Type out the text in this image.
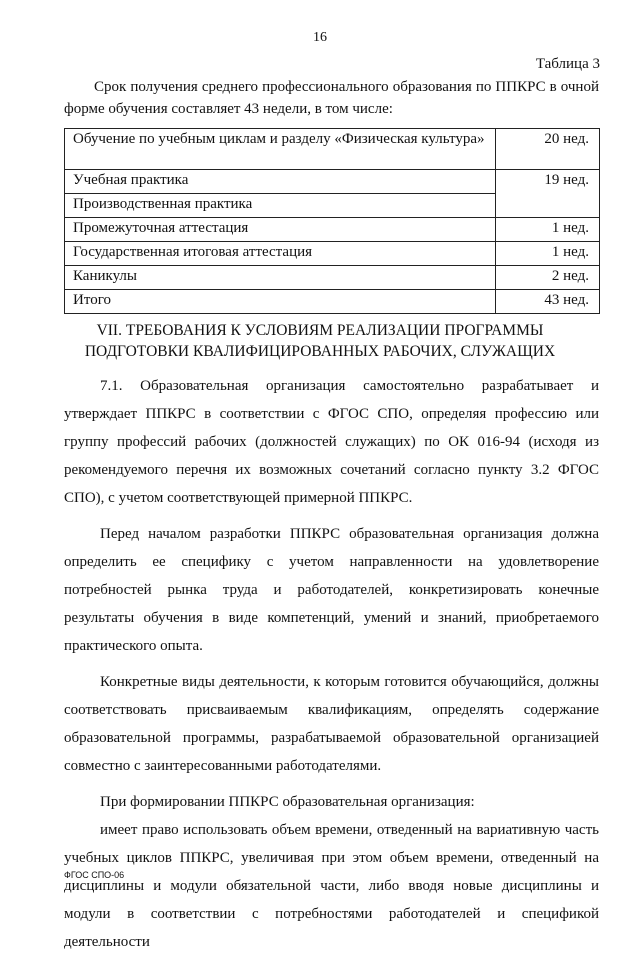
16
Таблица 3

Срок получения среднего профессионального образования по ППКРС в очной форме обучения составляет 43 недели, в том числе:

Обучение по учебным циклам и разделу «Физическая культура»	20 нед.
Учебная практика	19 нед.
Производственная практика	
Промежуточная аттестация	1 нед.
Государственная итоговая аттестация	1 нед.
Каникулы	2 нед.
Итого	43 нед.
VII. ТРЕБОВАНИЯ К УСЛОВИЯМ РЕАЛИЗАЦИИ ПРОГРАММЫ
ПОДГОТОВКИ КВАЛИФИЦИРОВАННЫХ РАБОЧИХ, СЛУЖАЩИХ

7.1. Образовательная организация самостоятельно разрабатывает и утверждает ППКРС в соответствии с ФГОС СПО, определяя профессию или группу профессий рабочих (должностей служащих) по ОК 016-94 (исходя из рекомендуемого перечня их возможных сочетаний согласно пункту 3.2 ФГОС СПО), с учетом соответствующей примерной ППКРС.

Перед началом разработки ППКРС образовательная организация должна определить ее специфику с учетом направленности на удовлетворение потребностей рынка труда и работодателей, конкретизировать конечные результаты обучения в виде компетенций, умений и знаний, приобретаемого практического опыта.

Конкретные виды деятельности, к которым готовится обучающийся, должны соответствовать присваиваемым квалификациям, определять содержание образовательной программы, разрабатываемой образовательной организацией совместно с заинтересованными работодателями.

При формировании ППКРС образовательная организация:

имеет право использовать объем времени, отведенный на вариативную часть учебных циклов ППКРС, увеличивая при этом объем времени, отведенный на дисциплины и модули обязательной части, либо вводя новые дисциплины и модули в соответствии с потребностями работодателей и спецификой деятельности

ФГОС СПО-06
